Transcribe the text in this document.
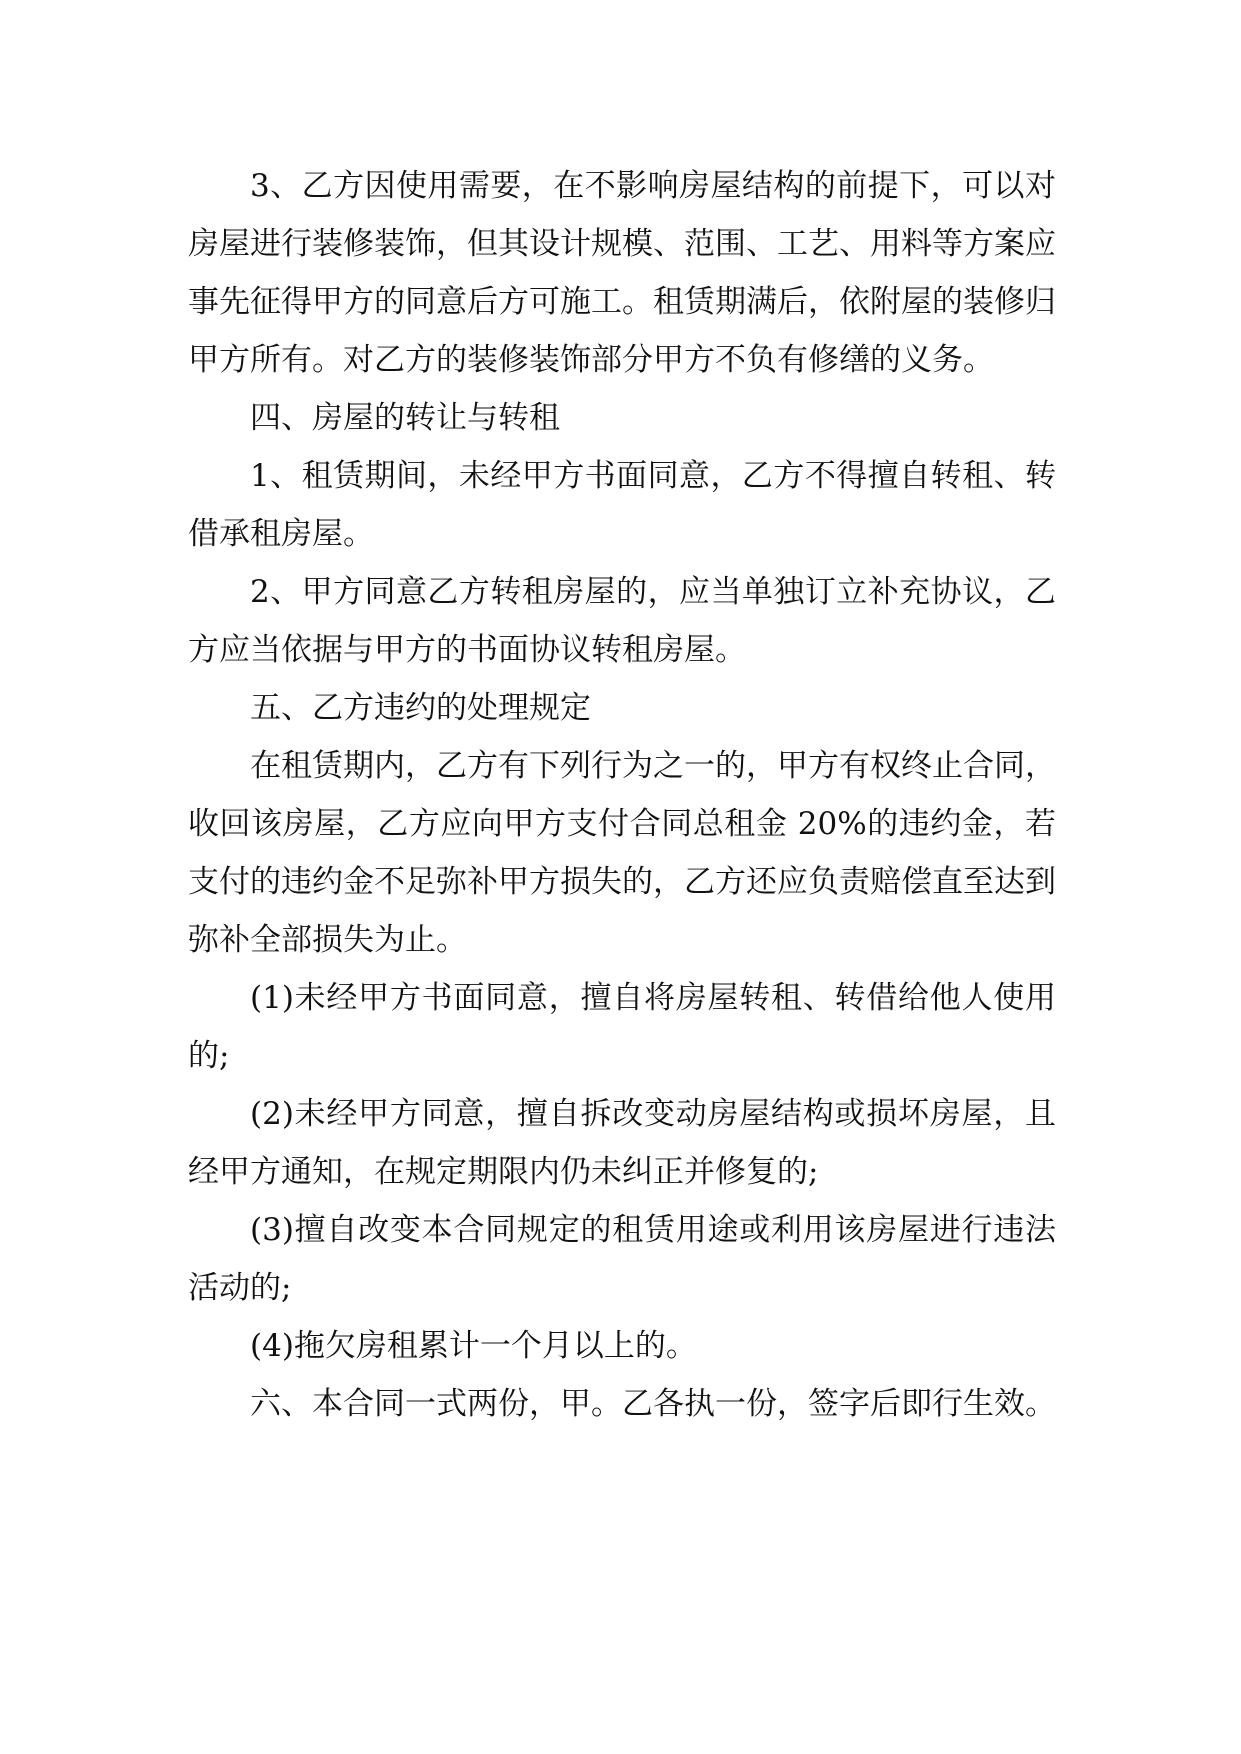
3、乙方因使用需要，在不影响房屋结构的前提下，可以对房屋进行装修装饰，但其设计规模、范围、工艺、用料等方案应事先征得甲方的同意后方可施工。租赁期满后，依附屋的装修归甲方所有。对乙方的装修装饰部分甲方不负有修缮的义务。

四、房屋的转让与转租

1、租赁期间，未经甲方书面同意，乙方不得擅自转租、转借承租房屋。

2、甲方同意乙方转租房屋的，应当单独订立补充协议，乙方应当依据与甲方的书面协议转租房屋。

五、乙方违约的处理规定

在租赁期内，乙方有下列行为之一的，甲方有权终止合同，收回该房屋，乙方应向甲方支付合同总租金 20%的违约金，若支付的违约金不足弥补甲方损失的，乙方还应负责赔偿直至达到弥补全部损失为止。

(1)未经甲方书面同意，擅自将房屋转租、转借给他人使用的;

(2)未经甲方同意，擅自拆改变动房屋结构或损坏房屋，且经甲方通知，在规定期限内仍未纠正并修复的;

(3)擅自改变本合同规定的租赁用途或利用该房屋进行违法活动的;

(4)拖欠房租累计一个月以上的。

六、本合同一式两份，甲。乙各执一份，签字后即行生效。
